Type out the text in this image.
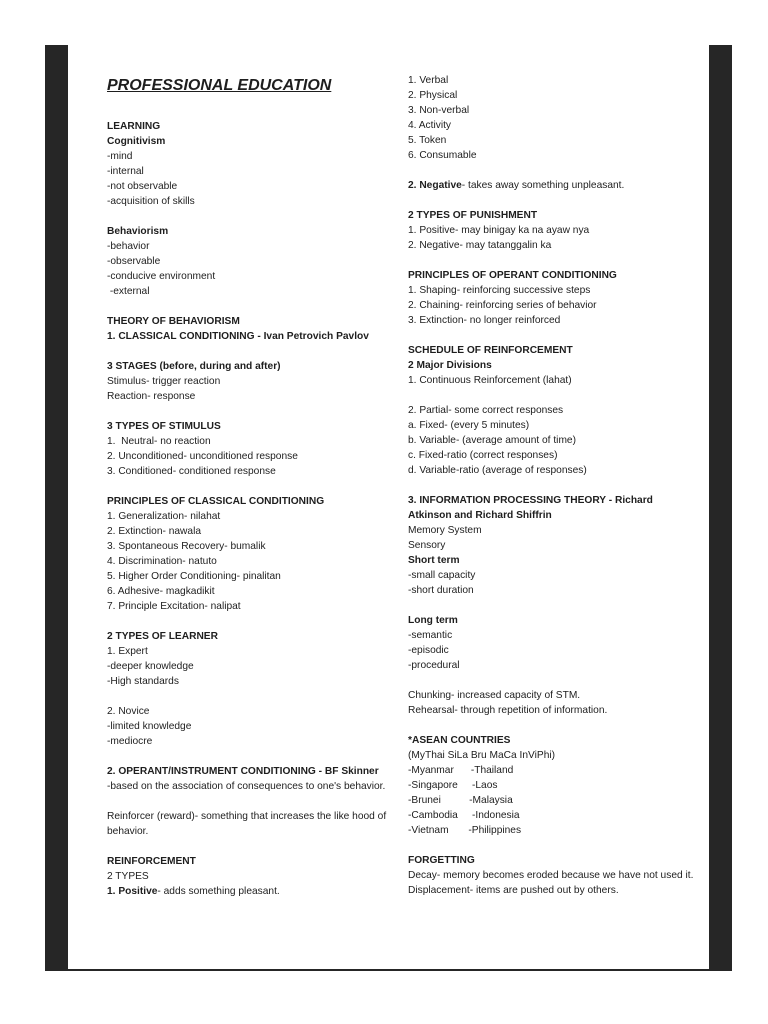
PROFESSIONAL EDUCATION
LEARNING
Cognitivism
-mind
-internal
-not observable
-acquisition of skills
Behaviorism
-behavior
-observable
-conducive environment
-external
THEORY OF BEHAVIORISM
1. CLASSICAL CONDITIONING - Ivan Petrovich Pavlov
3 STAGES (before, during and after)
Stimulus- trigger reaction
Reaction- response
3 TYPES OF STIMULUS
1.  Neutral- no reaction
2. Unconditioned- unconditioned response
3. Conditioned- conditioned response
PRINCIPLES OF CLASSICAL CONDITIONING
1. Generalization- nilahat
2. Extinction- nawala
3. Spontaneous Recovery- bumalik
4. Discrimination- natuto
5. Higher Order Conditioning- pinalitan
6. Adhesive- magkadikit
7. Principle Excitation- nalipat
2 TYPES OF LEARNER
1. Expert
-deeper knowledge
-High standards
2. Novice
-limited knowledge
-mediocre
2. OPERANT/INSTRUMENT CONDITIONING - BF Skinner
-based on the association of consequences to one's behavior.
Reinforcer (reward)- something that increases the like hood of behavior.
REINFORCEMENT
2 TYPES
1. Positive- adds something pleasant.
1. Verbal
2. Physical
3. Non-verbal
4. Activity
5. Token
6. Consumable
2. Negative- takes away something unpleasant.
2 TYPES OF PUNISHMENT
1. Positive- may binigay ka na ayaw nya
2. Negative- may tatanggalin ka
PRINCIPLES OF OPERANT CONDITIONING
1. Shaping- reinforcing successive steps
2. Chaining- reinforcing series of behavior
3. Extinction- no longer reinforced
SCHEDULE OF REINFORCEMENT
2 Major Divisions
1. Continuous Reinforcement (lahat)
2. Partial- some correct responses
a. Fixed- (every 5 minutes)
b. Variable- (average amount of time)
c. Fixed-ratio (correct responses)
d. Variable-ratio (average of responses)
3. INFORMATION PROCESSING THEORY - Richard Atkinson and Richard Shiffrin
Memory System
Sensory
Short term
-small capacity
-short duration
Long term
-semantic
-episodic
-procedural
Chunking- increased capacity of STM.
Rehearsal- through repetition of information.
*ASEAN COUNTRIES
(MyThai SiLa Bru MaCa InViPhi)
-Myanmar      -Thailand
-Singapore     -Laos
-Brunei          -Malaysia
-Cambodia     -Indonesia
-Vietnam       -Philippines
FORGETTING
Decay- memory becomes eroded because we have not used it.
Displacement- items are pushed out by others.
